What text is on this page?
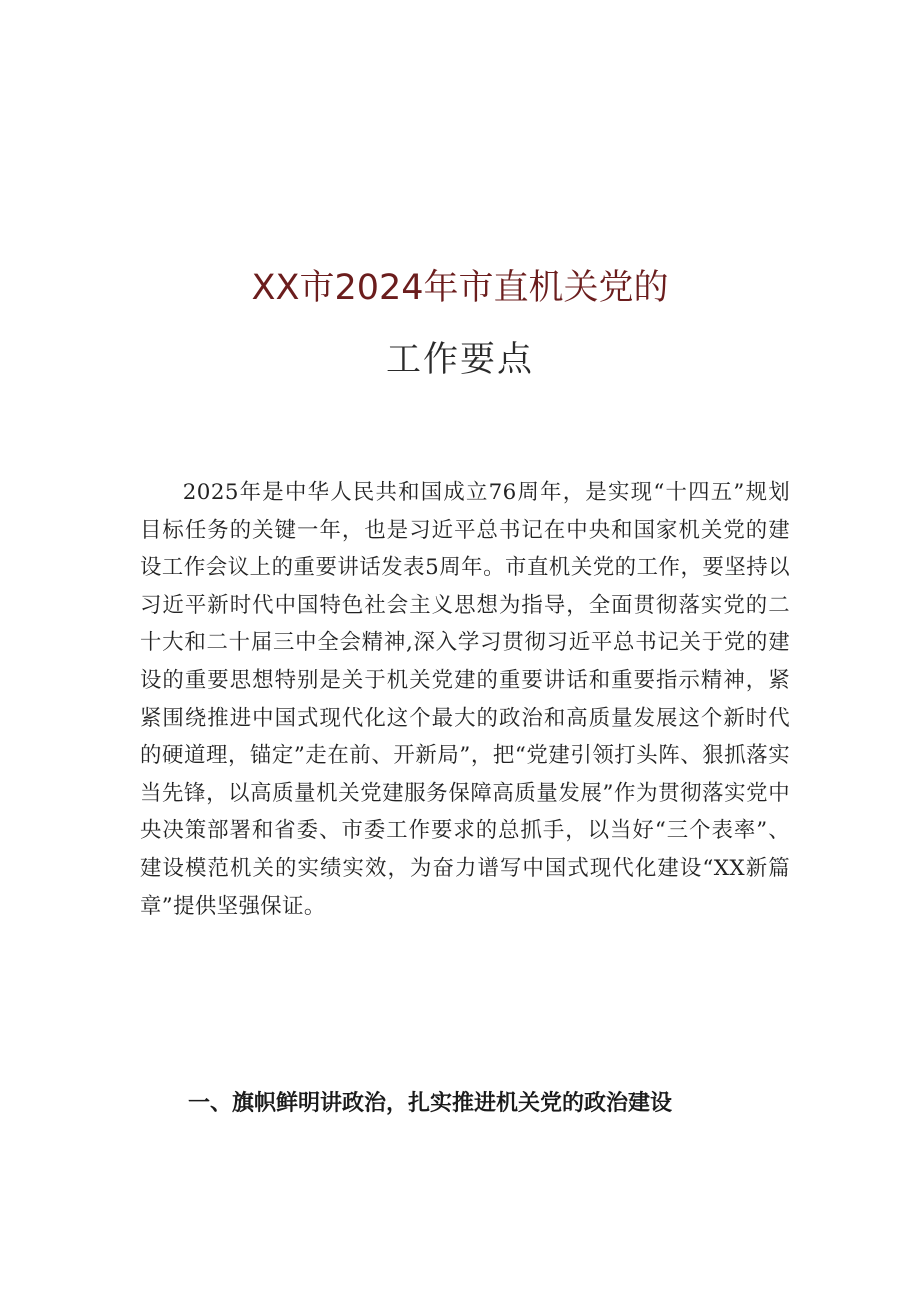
XX市2024年市直机关党的
工作要点

2025年是中华人民共和国成立76周年，是实现“十四五”规划目标任务的关键一年，也是习近平总书记在中央和国家机关党的建设工作会议上的重要讲话发表5周年。市直机关党的工作，要坚持以习近平新时代中国特色社会主义思想为指导，全面贯彻落实党的二十大和二十届三中全会精神,深入学习贯彻习近平总书记关于党的建设的重要思想特别是关于机关党建的重要讲话和重要指示精神，紧紧围绕推进中国式现代化这个最大的政治和高质量发展这个新时代的硬道理，锚定”走在前、开新局”，把“党建引领打头阵、狠抓落实当先锋，以高质量机关党建服务保障高质量发展”作为贯彻落实党中央决策部署和省委、市委工作要求的总抓手，以当好“三个表率”、建设模范机关的实绩实效，为奋力谱写中国式现代化建设“XX新篇章”提供坚强保证。

一、旗帜鲜明讲政治，扎实推进机关党的政治建设
